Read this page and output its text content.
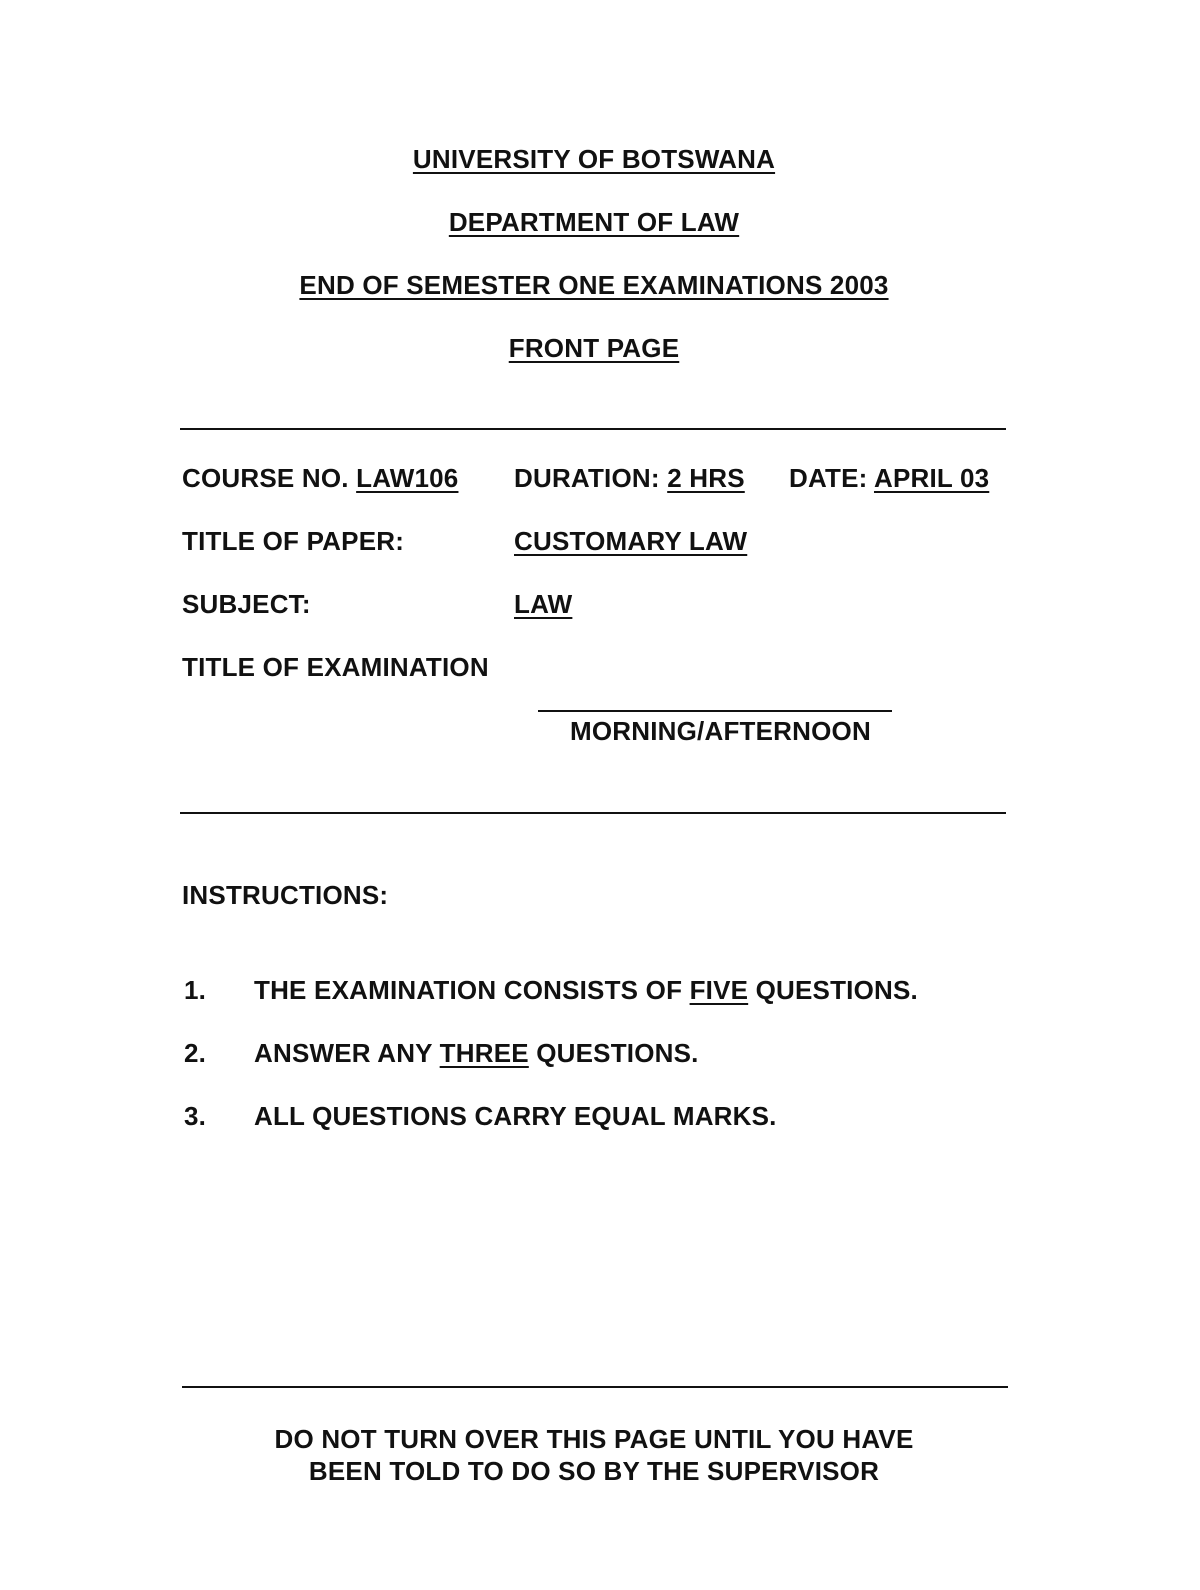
UNIVERSITY OF BOTSWANA
DEPARTMENT OF LAW
END OF SEMESTER ONE EXAMINATIONS 2003
FRONT PAGE
COURSE NO. LAW106 DURATION: 2 HRS DATE: APRIL 03
TITLE OF PAPER:	CUSTOMARY LAW
SUBJECT:	LAW
TITLE OF EXAMINATION
MORNING/AFTERNOON
INSTRUCTIONS:
1. THE EXAMINATION CONSISTS OF FIVE QUESTIONS.
2. ANSWER ANY THREE QUESTIONS.
3. ALL QUESTIONS CARRY EQUAL MARKS.
DO NOT TURN OVER THIS PAGE UNTIL YOU HAVE
BEEN TOLD TO DO SO BY THE SUPERVISOR
